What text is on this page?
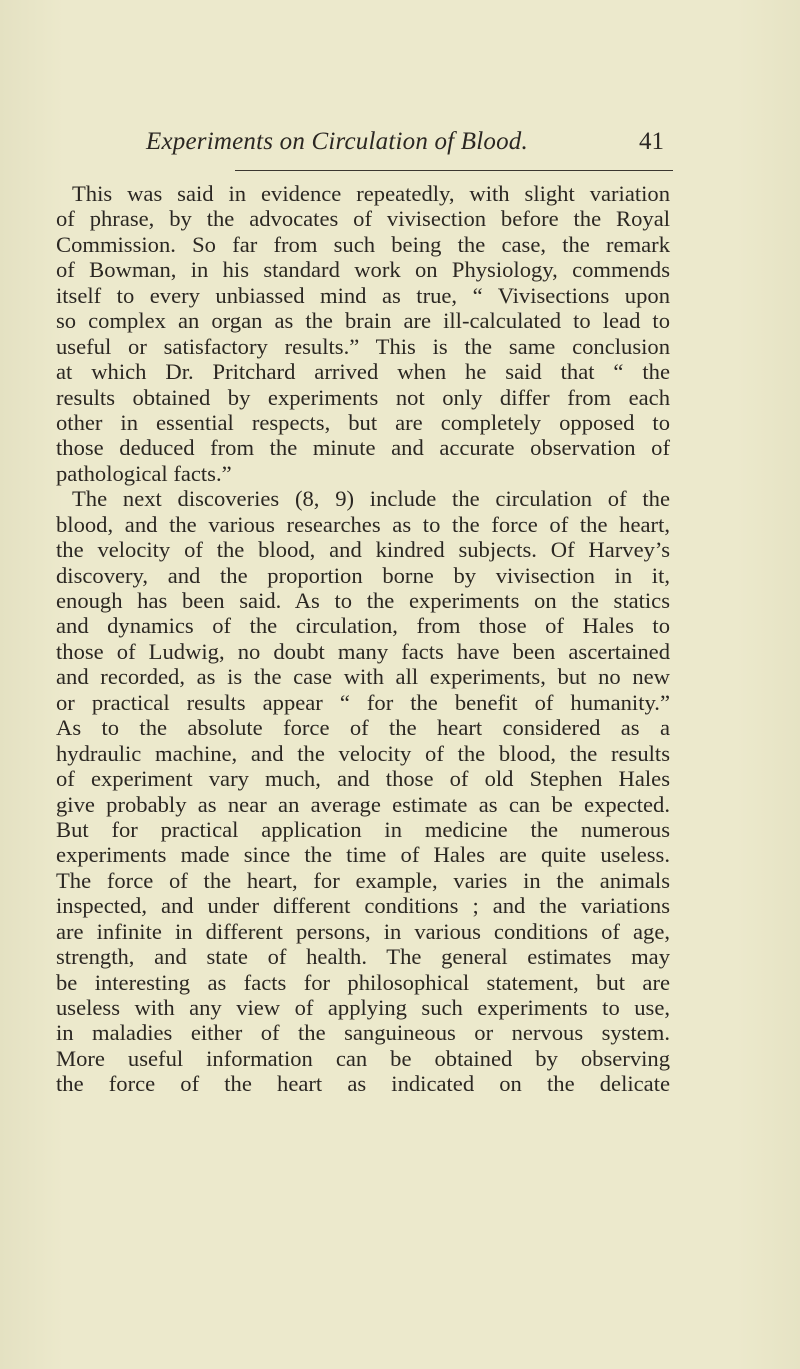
Experiments on Circulation of Blood.	41
This was said in evidence repeatedly, with slight variation
of phrase, by the advocates of vivisection before the Royal
Commission. So far from such being the case, the remark
of Bowman, in his standard work on Physiology, commends
itself to every unbiassed mind as true, “ Vivisections upon
so complex an organ as the brain are ill-calculated to lead to
useful or satisfactory results.” This is the same conclusion
at which Dr. Pritchard arrived when he said that “ the
results obtained by experiments not only differ from each
other in essential respects, but are completely opposed to
those deduced from the minute and accurate observation of
pathological facts.”
The next discoveries (8, 9) include the circulation of the
blood, and the various researches as to the force of the heart,
the velocity of the blood, and kindred subjects. Of Harvey’s
discovery, and the proportion borne by vivisection in it,
enough has been said. As to the experiments on the statics
and dynamics of the circulation, from those of Hales to
those of Ludwig, no doubt many facts have been ascertained
and recorded, as is the case with all experiments, but no new
or practical results appear “ for the benefit of humanity.”
As to the absolute force of the heart considered as a
hydraulic machine, and the velocity of the blood, the results
of experiment vary much, and those of old Stephen Hales
give probably as near an average estimate as can be expected.
But for practical application in medicine the numerous
experiments made since the time of Hales are quite useless.
The force of the heart, for example, varies in the animals
inspected, and under different conditions ; and the variations
are infinite in different persons, in various conditions of age,
strength, and state of health. The general estimates may
be interesting as facts for philosophical statement, but are
useless with any view of applying such experiments to use,
in maladies either of the sanguineous or nervous system.
More useful information can be obtained by observing
the force of the heart as indicated on the delicate
